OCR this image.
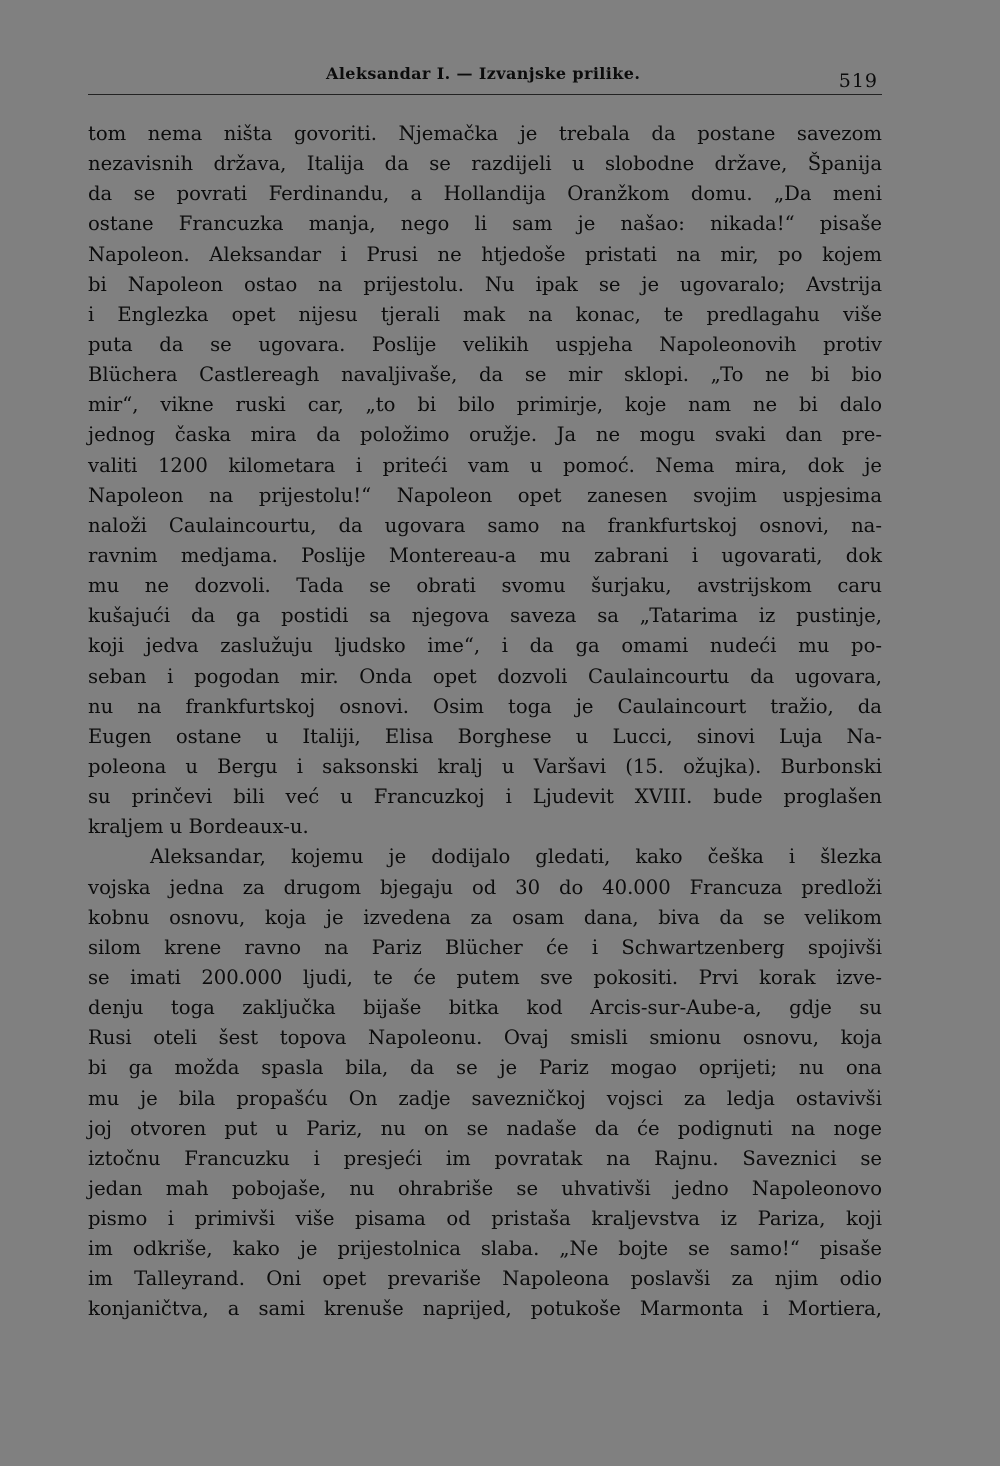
Aleksandar I. — Izvanjske prilike.	519
tom nema ništa govoriti. Njemačka je trebala da postane savezom
nezavisnih država, Italija da se razdijeli u slobodne države, Španija
da se povrati Ferdinandu, a Hollandija Oranžkom domu. „Da meni
ostane Francuzka manja, nego li sam je našao: nikada!“ pisaše
Napoleon. Aleksandar i Prusi ne htjedoše pristati na mir, po kojem
bi Napoleon ostao na prijestolu. Nu ipak se je ugovaralo; Avstrija
i Englezka opet nijesu tjerali mak na konac, te predlagahu više
puta da se ugovara. Poslije velikih uspjeha Napoleonovih protiv
Blüchera Castlereagh navaljivaše, da se mir sklopi. „To ne bi bio
mir“, vikne ruski car, „to bi bilo primirje, koje nam ne bi dalo
jednog časka mira da položimo oružje. Ja ne mogu svaki dan pre-
valiti 1200 kilometara i priteći vam u pomoć. Nema mira, dok je
Napoleon na prijestolu!“ Napoleon opet zanesen svojim uspjesima
naloži Caulaincourtu, da ugovara samo na frankfurtskoj osnovi, na-
ravnim medjama. Poslije Montereau-a mu zabrani i ugovarati, dok
mu ne dozvoli. Tada se obrati svomu šurjaku, avstrijskom caru
kušajući da ga postidi sa njegova saveza sa „Tatarima iz pustinje,
koji jedva zaslužuju ljudsko ime“, i da ga omami nudeći mu po-
seban i pogodan mir. Onda opet dozvoli Caulaincourtu da ugovara,
nu na frankfurtskoj osnovi. Osim toga je Caulaincourt tražio, da
Eugen ostane u Italiji, Elisa Borghese u Lucci, sinovi Luja Na-
poleona u Bergu i saksonski kralj u Varšavi (15. ožujka). Burbonski
su prinčevi bili već u Francuzkoj i Ljudevit XVIII. bude proglašen
kraljem u Bordeaux-u.
Aleksandar, kojemu je dodijalo gledati, kako češka i šlezka
vojska jedna za drugom bjegaju od 30 do 40.000 Francuza predloži
kobnu osnovu, koja je izvedena za osam dana, biva da se velikom
silom krene ravno na Pariz Blücher će i Schwartzenberg spojivši
se imati 200.000 ljudi, te će putem sve pokositi. Prvi korak izve-
denju toga zaključka bijaše bitka kod Arcis-sur-Aube-a, gdje su
Rusi oteli šest topova Napoleonu. Ovaj smisli smionu osnovu, koja
bi ga možda spasla bila, da se je Pariz mogao oprijeti; nu ona
mu je bila propašću On zadje savezničkoj vojsci za ledja ostavivši
joj otvoren put u Pariz, nu on se nadaše da će podignuti na noge
iztočnu Francuzku i presjeći im povratak na Rajnu. Saveznici se
jedan mah pobojaše, nu ohrabriše se uhvativši jedno Napoleonovo
pismo i primivši više pisama od pristaša kraljevstva iz Pariza, koji
im odkriše, kako je prijestolnica slaba. „Ne bojte se samo!“ pisaše
im Talleyrand. Oni opet prevariše Napoleona poslavši za njim odio
konjaničtva, a sami krenuše naprijed, potukoše Marmonta i Mortiera,
